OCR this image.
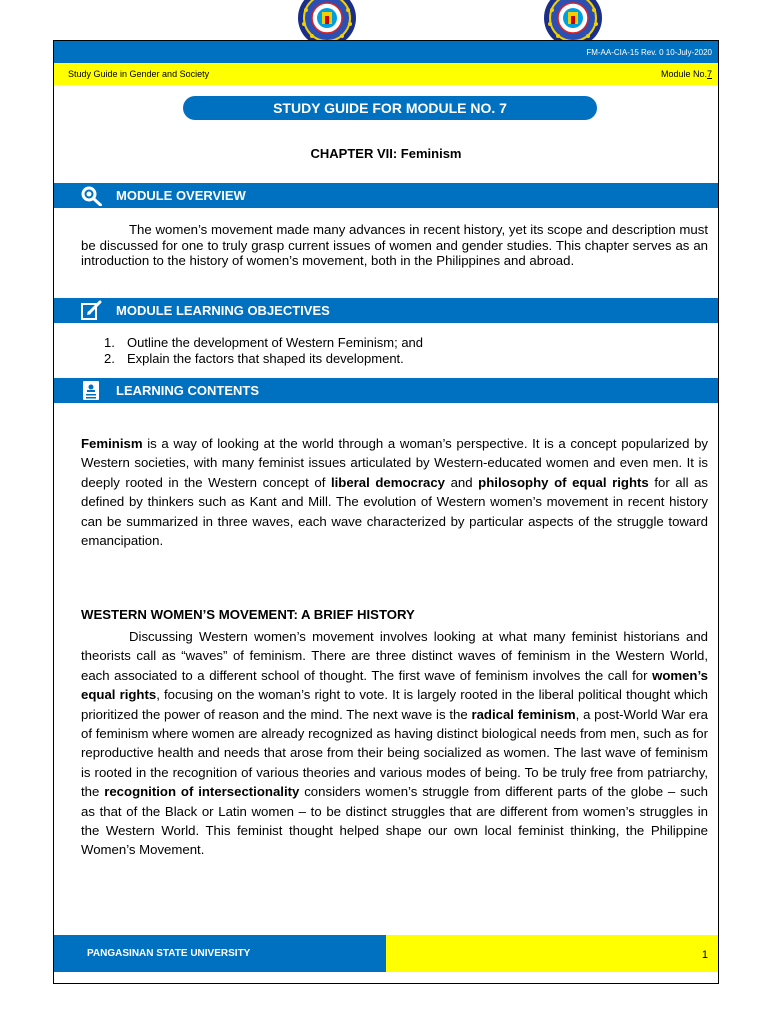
FM-AA-CIA-15 Rev. 0 10-July-2020
Study Guide in Gender and Society	Module No.7
STUDY GUIDE FOR MODULE NO. 7
CHAPTER VII: Feminism
MODULE OVERVIEW
The women’s movement made many advances in recent history, yet its scope and description must be discussed for one to truly grasp current issues of women and gender studies. This chapter serves as an introduction to the history of women’s movement, both in the Philippines and abroad.
MODULE LEARNING OBJECTIVES
1. Outline the development of Western Feminism; and
2. Explain the factors that shaped its development.
LEARNING CONTENTS
Feminism is a way of looking at the world through a woman’s perspective. It is a concept popularized by Western societies, with many feminist issues articulated by Western-educated women and even men. It is deeply rooted in the Western concept of liberal democracy and philosophy of equal rights for all as defined by thinkers such as Kant and Mill. The evolution of Western women’s movement in recent history can be summarized in three waves, each wave characterized by particular aspects of the struggle toward emancipation.
WESTERN WOMEN’S MOVEMENT: A BRIEF HISTORY
Discussing Western women’s movement involves looking at what many feminist historians and theorists call as “waves” of feminism. There are three distinct waves of feminism in the Western World, each associated to a different school of thought. The first wave of feminism involves the call for women’s equal rights, focusing on the woman’s right to vote. It is largely rooted in the liberal political thought which prioritized the power of reason and the mind. The next wave is the radical feminism, a post-World War era of feminism where women are already recognized as having distinct biological needs from men, such as for reproductive health and needs that arose from their being socialized as women. The last wave of feminism is rooted in the recognition of various theories and various modes of being. To be truly free from patriarchy, the recognition of intersectionality considers women’s struggle from different parts of the globe – such as that of the Black or Latin women – to be distinct struggles that are different from women’s struggles in the Western World. This feminist thought helped shape our own local feminist thinking, the Philippine Women’s Movement.
PANGASINAN STATE UNIVERSITY	1
